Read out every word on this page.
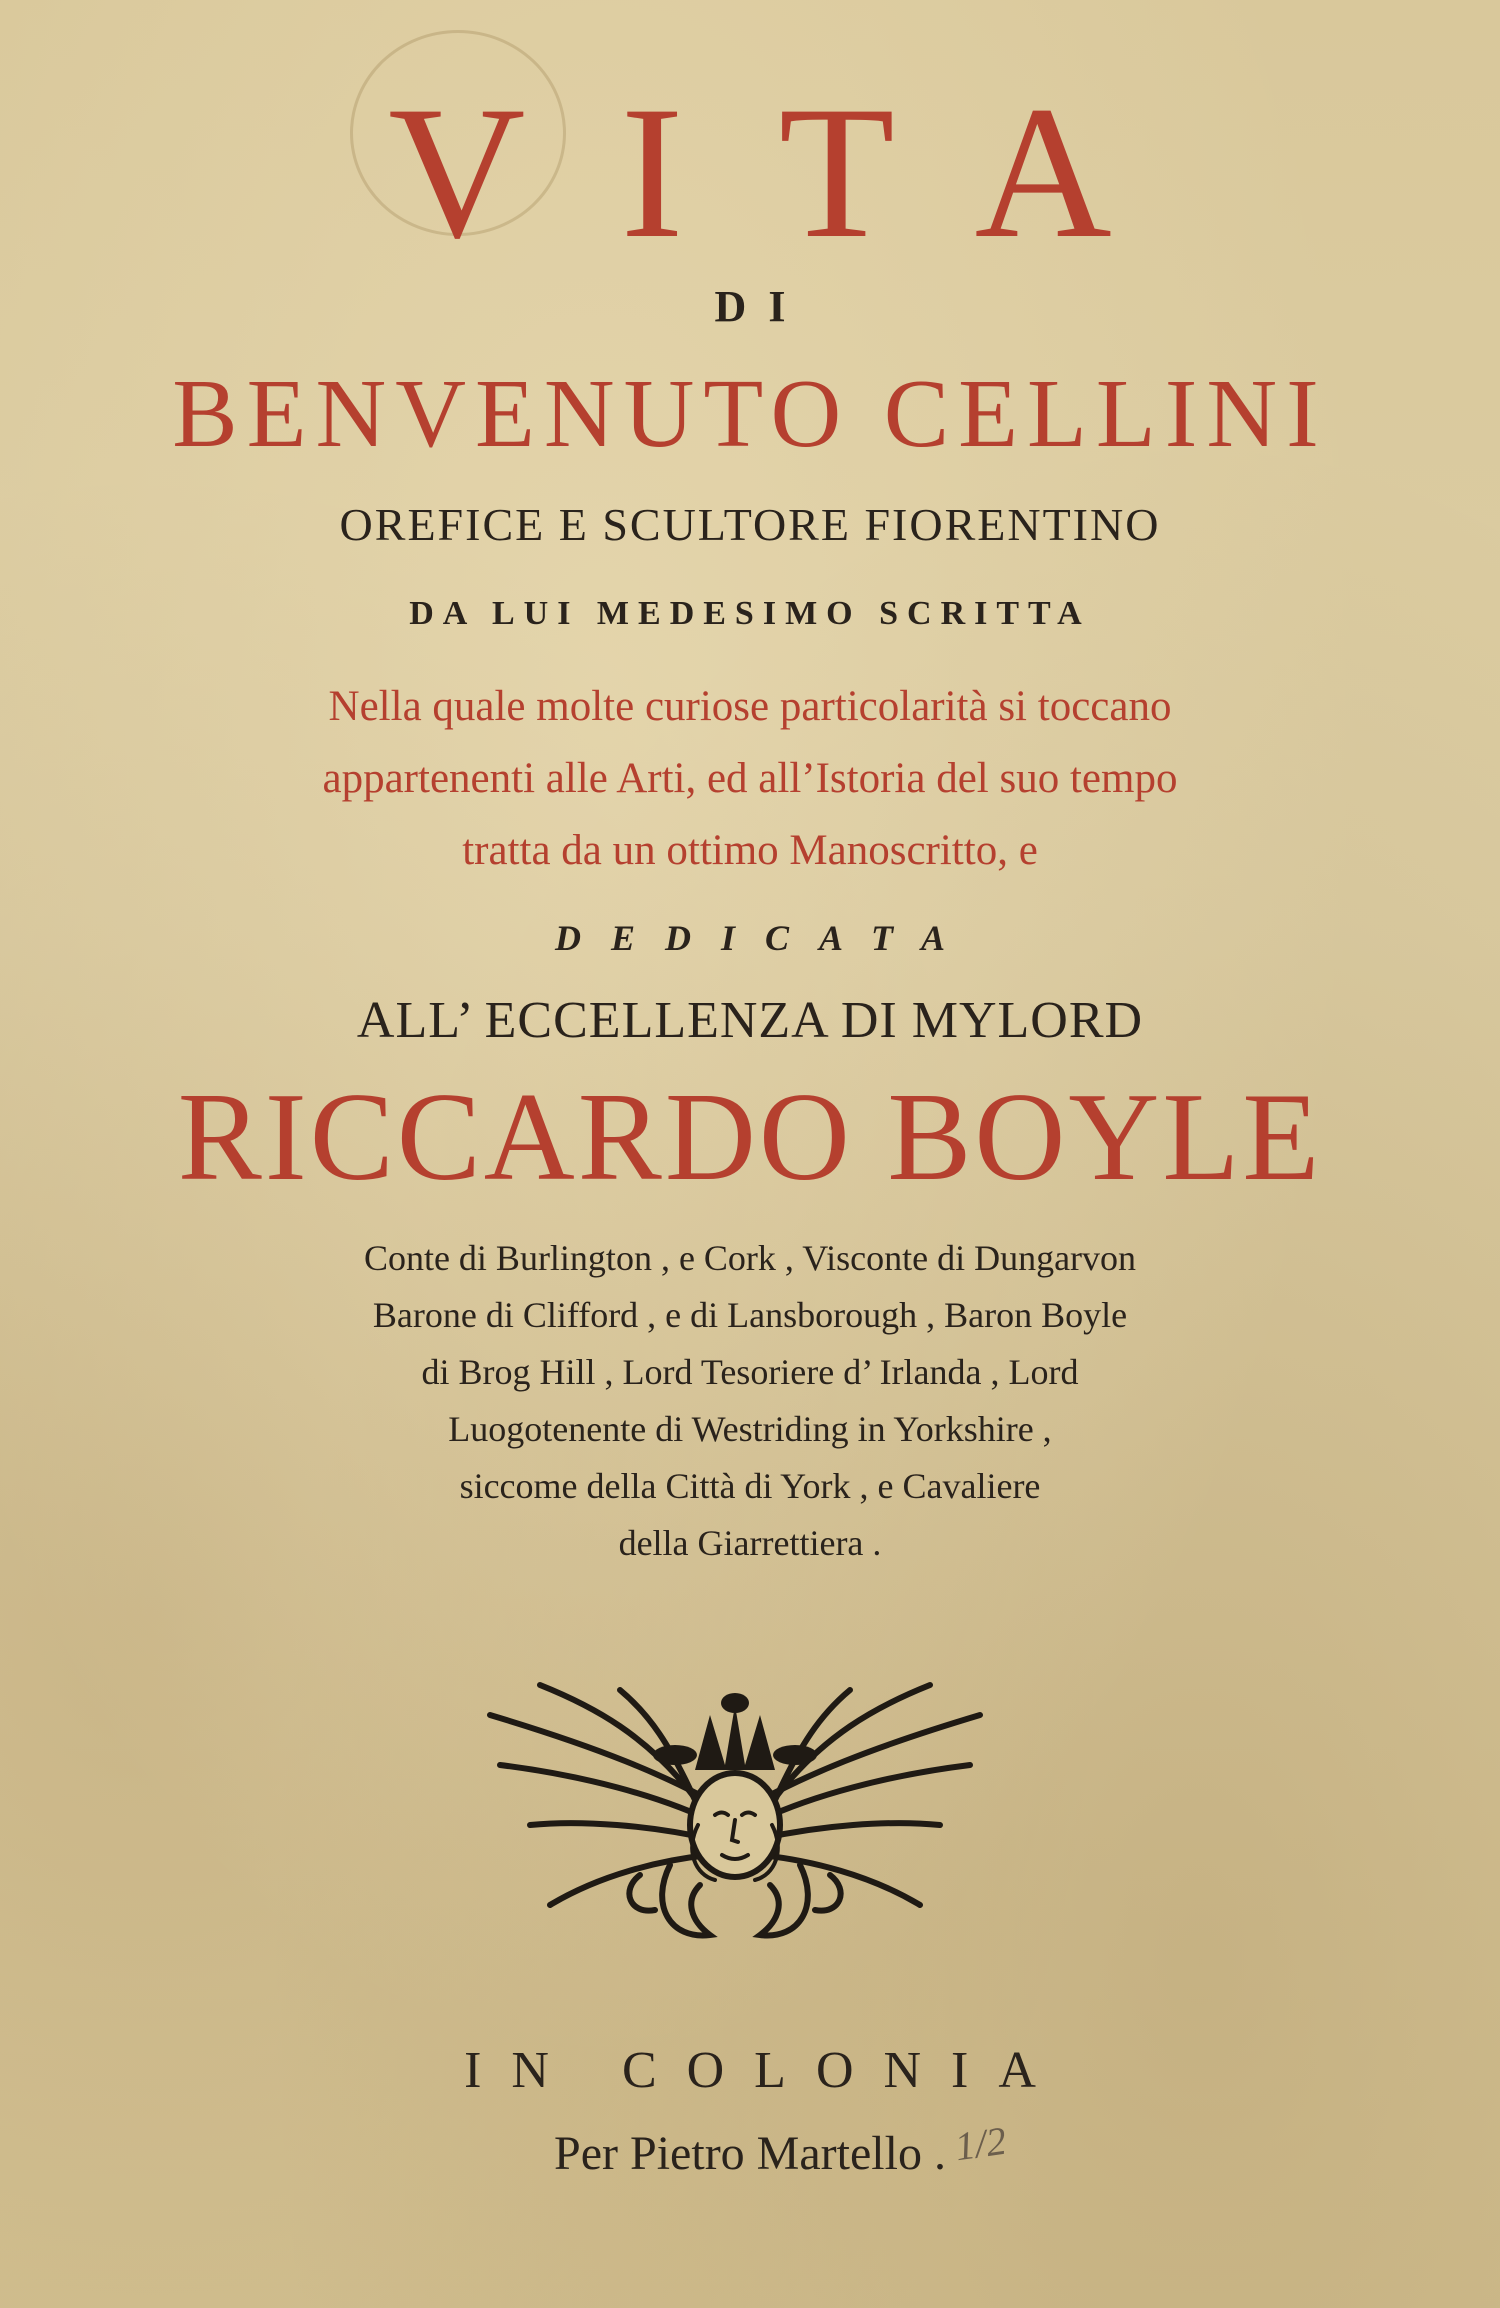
VITA
DI
BENVENUTO CELLINI
OREFICE E SCULTORE FIORENTINO
DA LUI MEDESIMO SCRITTA
Nella quale molte curiose particolarità si toccano
appartenenti alle Arti, ed all’Istoria del suo tempo
tratta da un ottimo Manoscritto, e
DEDICATA
ALL’ ECCELLENZA DI MYLORD
RICCARDO BOYLE
Conte di Burlington , e Cork , Visconte di Dungarvon
Barone di Clifford , e di Lansborough , Baron Boyle
di Brog Hill , Lord Tesoriere d’ Irlanda , Lord
Luogotenente di Westriding in Yorkshire ,
siccome della Città di York , e Cavaliere
della Giarrettiera .
IN COLONIA
Per Pietro Martello . 1/2
